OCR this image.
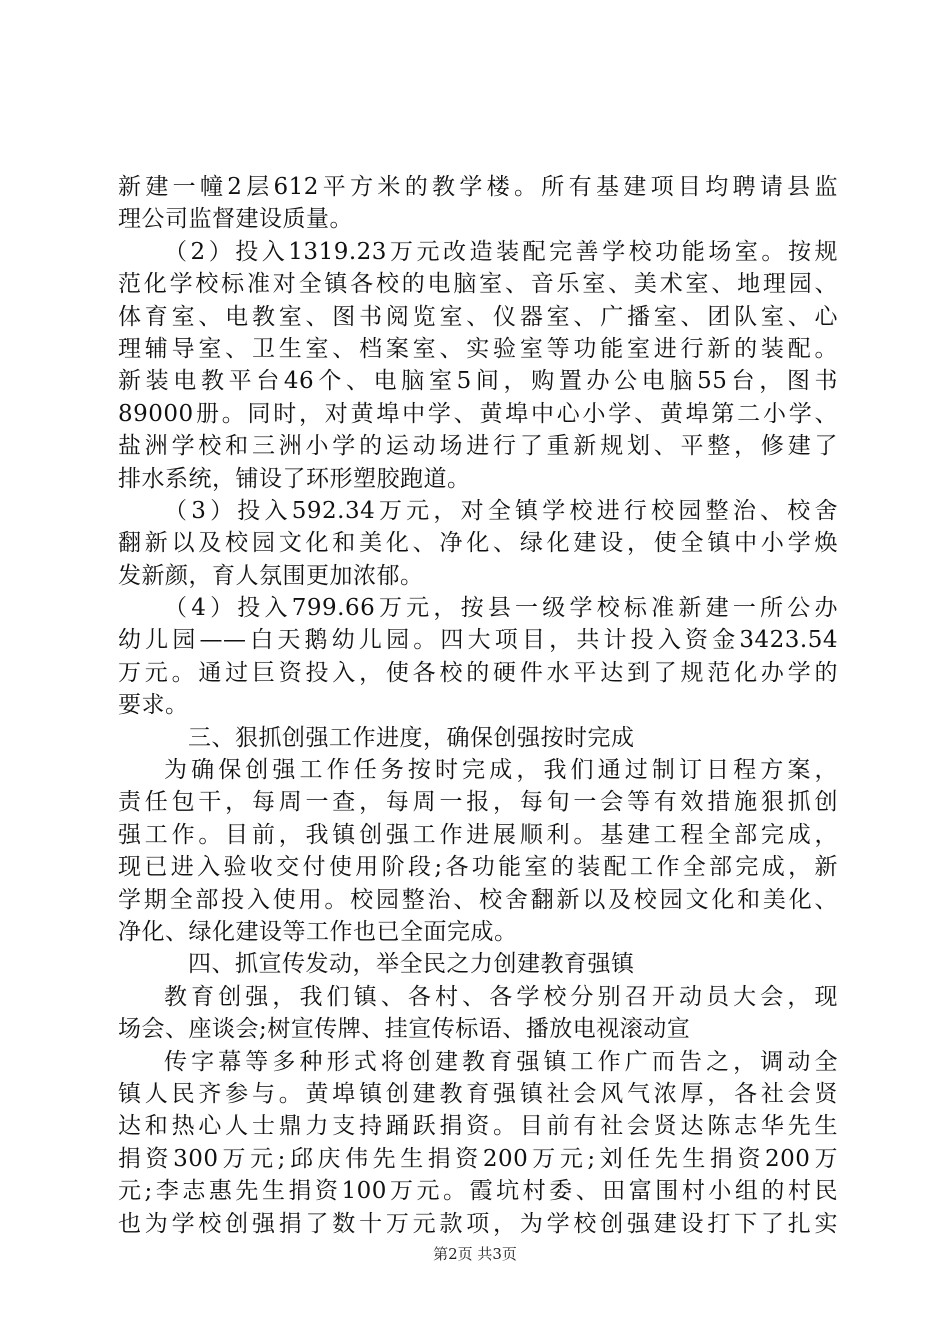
新建一幢2层612平方米的教学楼。所有基建项目均聘请县监
理公司监督建设质量。
（2）投入1319.23万元改造装配完善学校功能场室。按规
范化学校标准对全镇各校的电脑室、音乐室、美术室、地理园、
体育室、电教室、图书阅览室、仪器室、广播室、团队室、心
理辅导室、卫生室、档案室、实验室等功能室进行新的装配。
新装电教平台46个、电脑室5间，购置办公电脑55台，图书
89000册。同时，对黄埠中学、黄埠中心小学、黄埠第二小学、
盐洲学校和三洲小学的运动场进行了重新规划、平整，修建了
排水系统，铺设了环形塑胶跑道。
（3）投入592.34万元，对全镇学校进行校园整治、校舍
翻新以及校园文化和美化、净化、绿化建设，使全镇中小学焕
发新颜，育人氛围更加浓郁。
（4）投入799.66万元，按县一级学校标准新建一所公办
幼儿园——白天鹅幼儿园。四大项目，共计投入资金3423.54
万元。通过巨资投入，使各校的硬件水平达到了规范化办学的
要求。
三、狠抓创强工作进度，确保创强按时完成
为确保创强工作任务按时完成，我们通过制订日程方案，
责任包干，每周一查，每周一报，每旬一会等有效措施狠抓创
强工作。目前，我镇创强工作进展顺利。基建工程全部完成，
现已进入验收交付使用阶段;各功能室的装配工作全部完成，新
学期全部投入使用。校园整治、校舍翻新以及校园文化和美化、
净化、绿化建设等工作也已全面完成。
四、抓宣传发动，举全民之力创建教育强镇
教育创强，我们镇、各村、各学校分别召开动员大会，现
场会、座谈会;树宣传牌、挂宣传标语、播放电视滚动宣
传字幕等多种形式将创建教育强镇工作广而告之，调动全
镇人民齐参与。黄埠镇创建教育强镇社会风气浓厚，各社会贤
达和热心人士鼎力支持踊跃捐资。目前有社会贤达陈志华先生
捐资300万元;邱庆伟先生捐资200万元;刘任先生捐资200万
元;李志惠先生捐资100万元。霞坑村委、田富围村小组的村民
也为学校创强捐了数十万元款项，为学校创强建设打下了扎实
第2页 共3页
